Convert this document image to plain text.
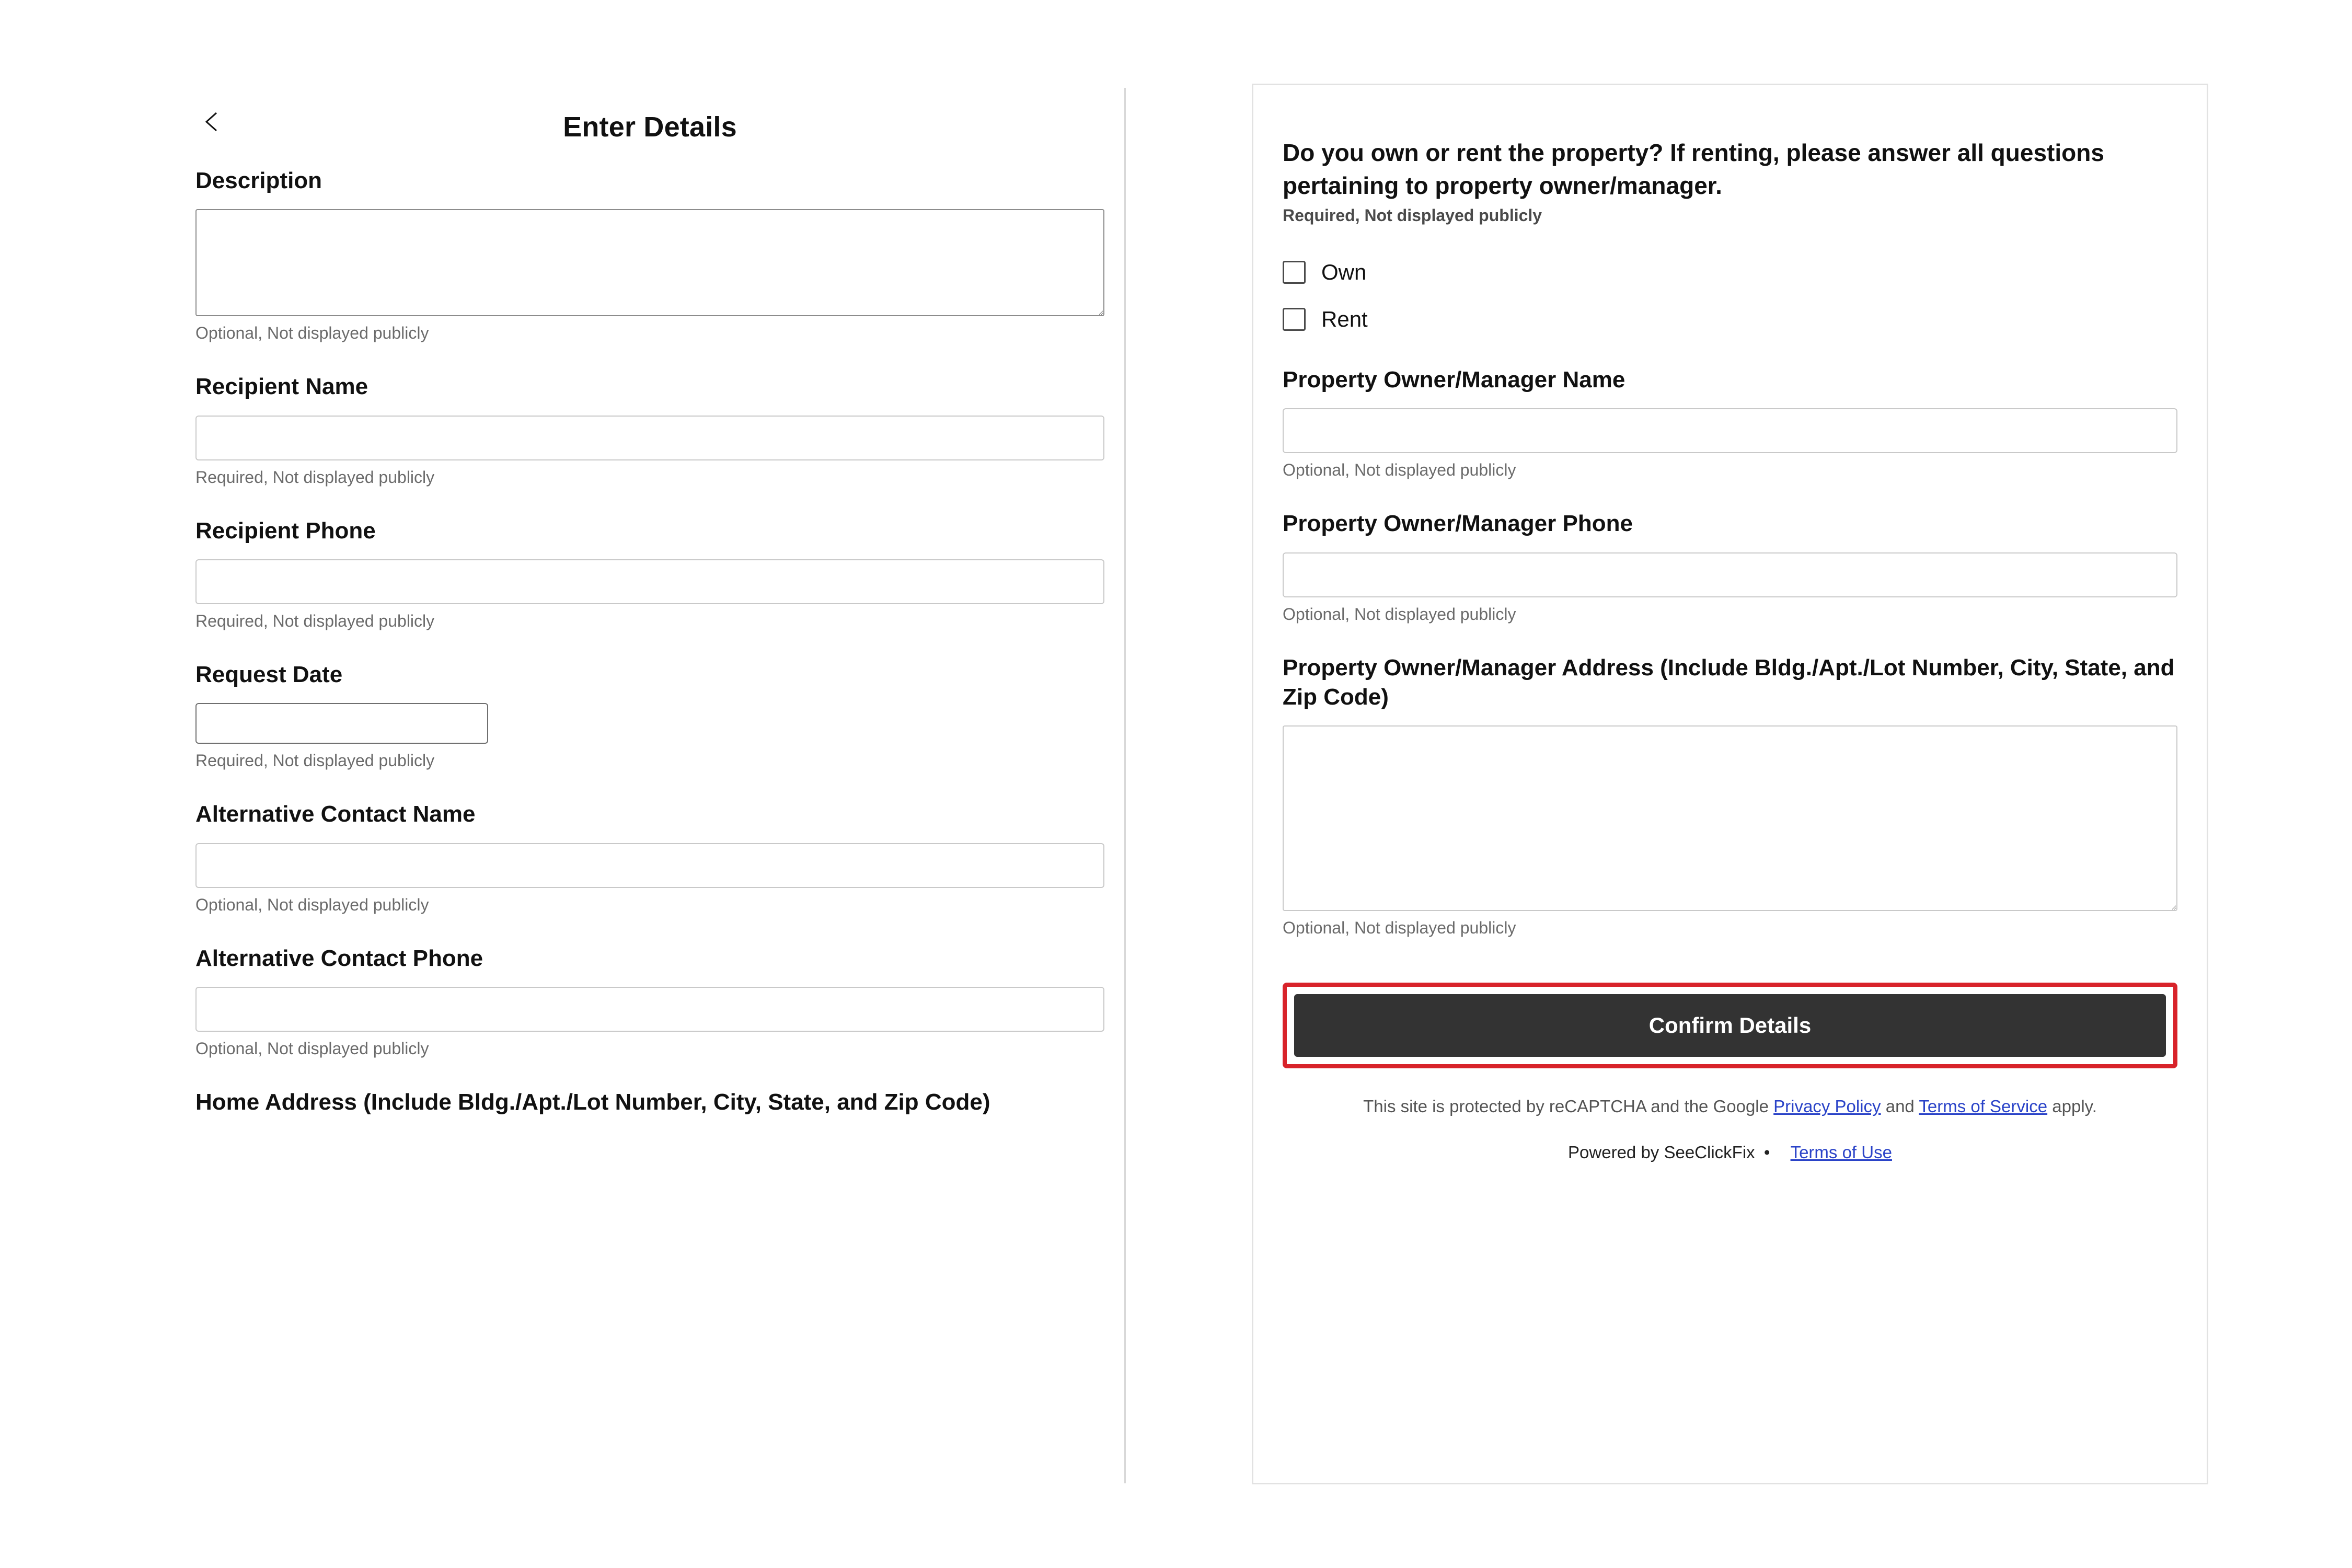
Enter Details
Description
Optional, Not displayed publicly
Recipient Name
Required, Not displayed publicly
Recipient Phone
Required, Not displayed publicly
Request Date
Required, Not displayed publicly
Alternative Contact Name
Optional, Not displayed publicly
Alternative Contact Phone
Optional, Not displayed publicly
Home Address (Include Bldg./Apt./Lot Number, City, State, and Zip Code)
Do you own or rent the property? If renting, please answer all questions pertaining to property owner/manager.
Required, Not displayed publicly
Own
Rent
Property Owner/Manager Name
Optional, Not displayed publicly
Property Owner/Manager Phone
Optional, Not displayed publicly
Property Owner/Manager Address (Include Bldg./Apt./Lot Number, City, State, and Zip Code)
Optional, Not displayed publicly
Confirm Details
This site is protected by reCAPTCHA and the Google Privacy Policy and Terms of Service apply.
Powered by SeeClickFix • Terms of Use
